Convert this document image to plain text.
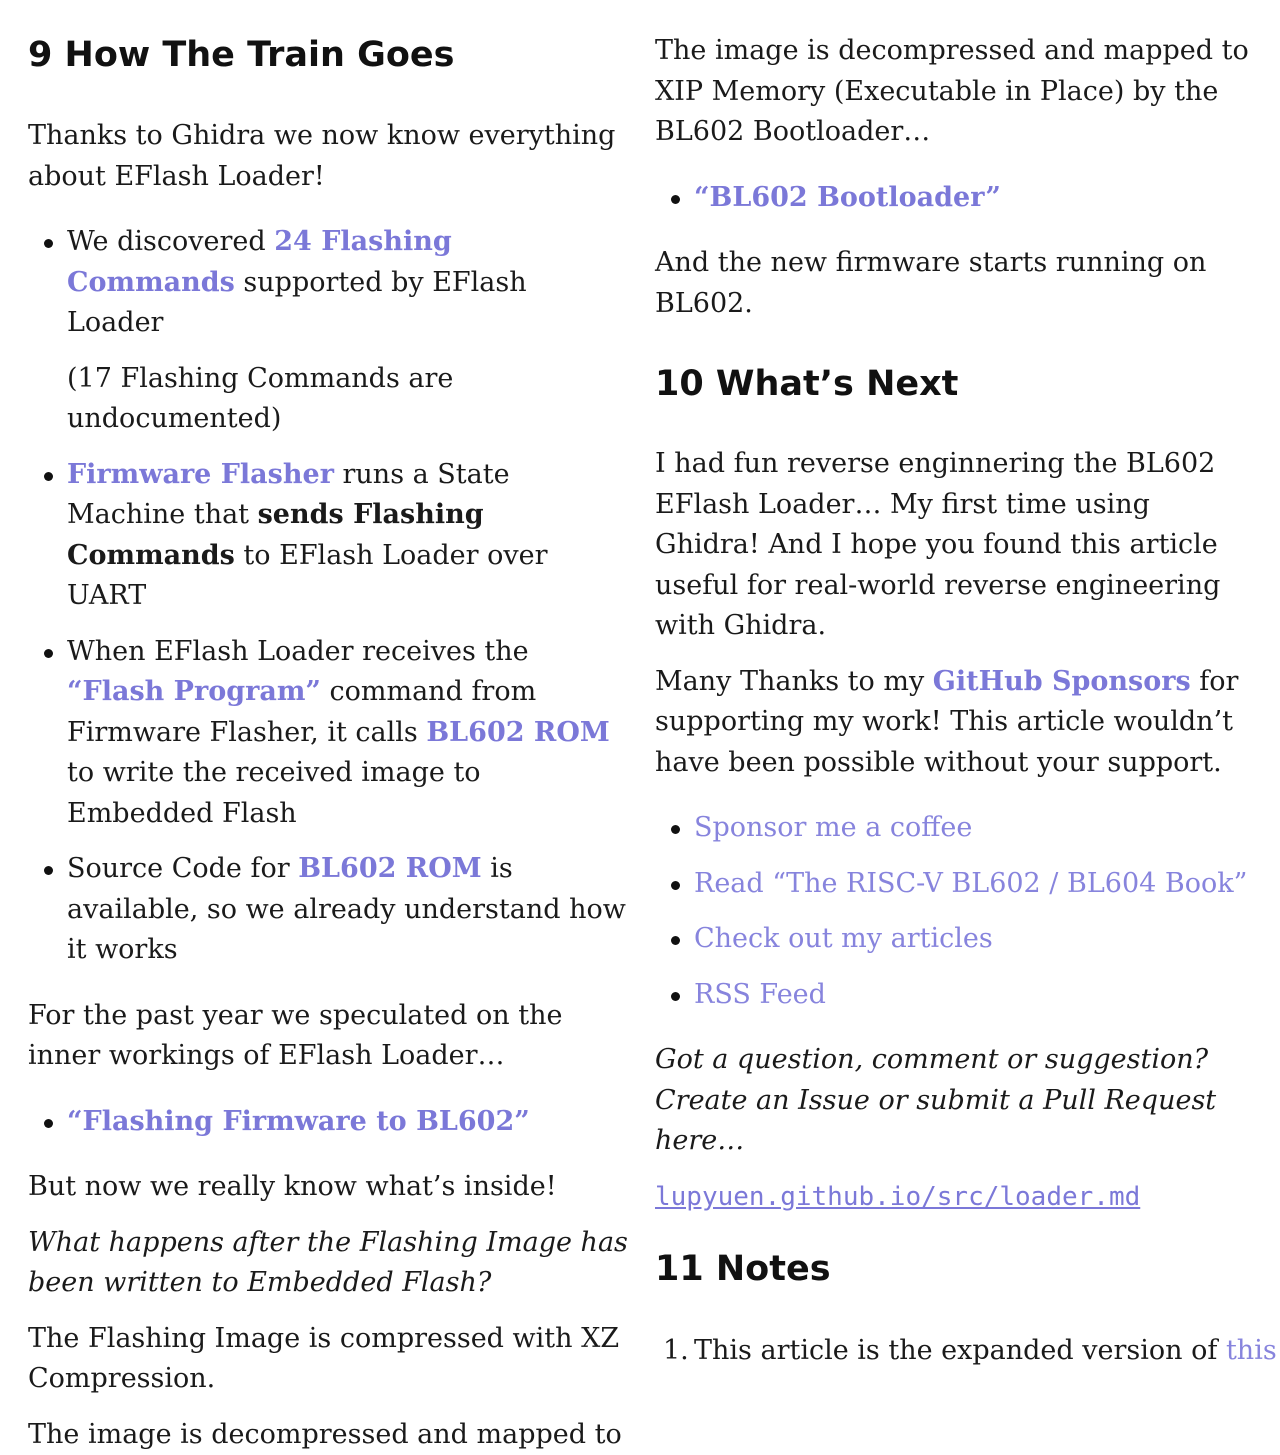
9 How The Train Goes

Thanks to Ghidra we now know everything about EFlash Loader!

We discovered 24 Flashing Commands supported by EFlash Loader

(17 Flashing Commands are undocumented)

Firmware Flasher runs a State Machine that sends Flashing Commands to EFlash Loader over UART

When EFlash Loader receives the “Flash Program” command from Firmware Flasher, it calls BL602 ROM to write the received image to Embedded Flash

Source Code for BL602 ROM is available, so we already understand how it works

For the past year we speculated on the inner workings of EFlash Loader…

“Flashing Firmware to BL602”

But now we really know what’s inside!

What happens after the Flashing Image has been written to Embedded Flash?

The Flashing Image is compressed with XZ Compression.

The image is decompressed and mapped to

The image is decompressed and mapped to XIP Memory (Executable in Place) by the BL602 Bootloader…

“BL602 Bootloader”

And the new firmware starts running on BL602.

10 What’s Next

I had fun reverse enginnering the BL602 EFlash Loader… My first time using Ghidra! And I hope you found this article useful for real-world reverse engineering with Ghidra.

Many Thanks to my GitHub Sponsors for supporting my work! This article wouldn’t have been possible without your support.

Sponsor me a coffee
Read “The RISC-V BL602 / BL604 Book”
Check out my articles
RSS Feed

Got a question, comment or suggestion? Create an Issue or submit a Pull Request here…

lupyuen.github.io/src/loader.md

11 Notes
1. This article is the expanded version of this
